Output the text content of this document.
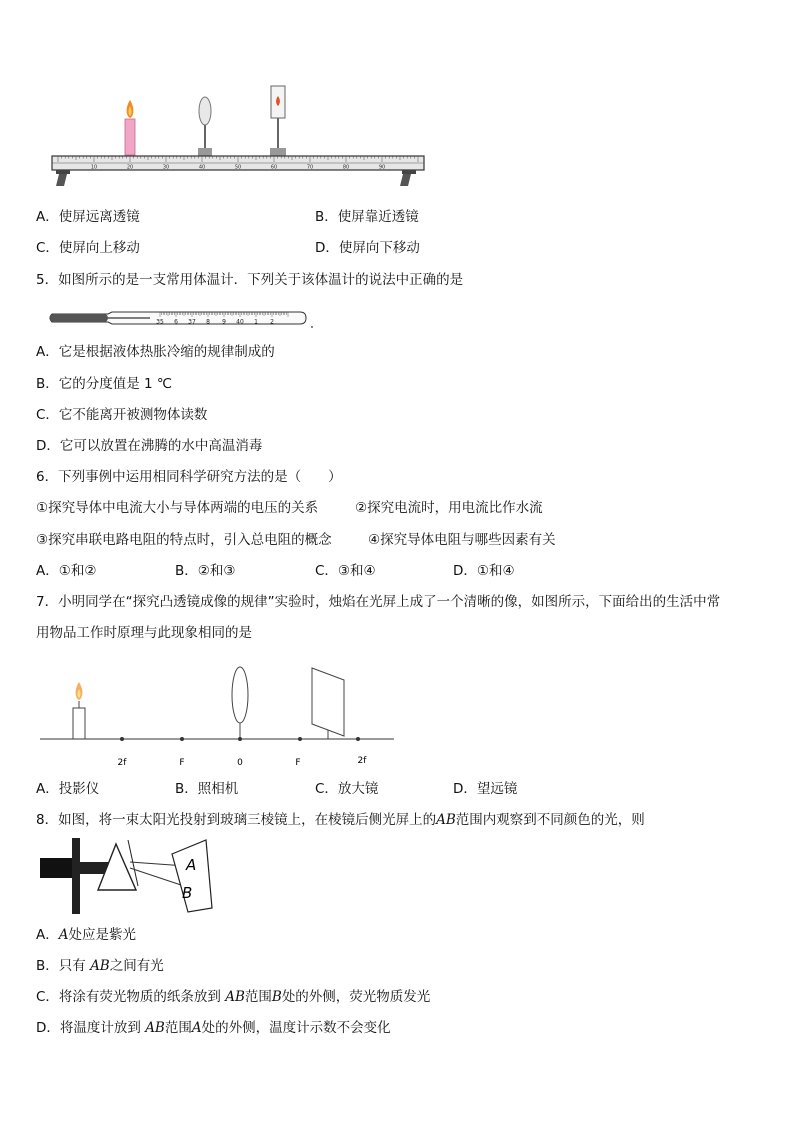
10	20	30	40	50	60	70	80	90
A．使屏远离透镜	B．使屏靠近透镜
C．使屏向上移动	D．使屏向下移动
5．如图所示的是一支常用体温计．下列关于该体温计的说法中正确的是
35 6 37 8 9 40 1 2
A．它是根据液体热胀冷缩的规律制成的
B．它的分度值是 1 ℃
C．它不能离开被测物体读数
D．它可以放置在沸腾的水中高温消毒
6．下列事例中运用相同科学研究方法的是（　　）
①探究导体中电流大小与导体两端的电压的关系	②探究电流时，用电流比作水流
③探究串联电路电阻的特点时，引入总电阻的概念	④探究导体电阻与哪些因素有关
A．①和②	B．②和③	C．③和④	D．①和④
7．小明同学在“探究凸透镜成像的规律”实验时，烛焰在光屏上成了一个清晰的像，如图所示，下面给出的生活中常
用物品工作时原理与此现象相同的是
2f	F	0	F	2f
A．投影仪	B．照相机	C．放大镜	D．望远镜
8．如图，将一束太阳光投射到玻璃三棱镜上，在棱镜后侧光屏上的AB范围内观察到不同颜色的光，则
A
B
A．A处应是紫光
B．只有 AB之间有光
C．将涂有荧光物质的纸条放到 AB范围B处的外侧，荧光物质发光
D．将温度计放到 AB范围A处的外侧，温度计示数不会变化
